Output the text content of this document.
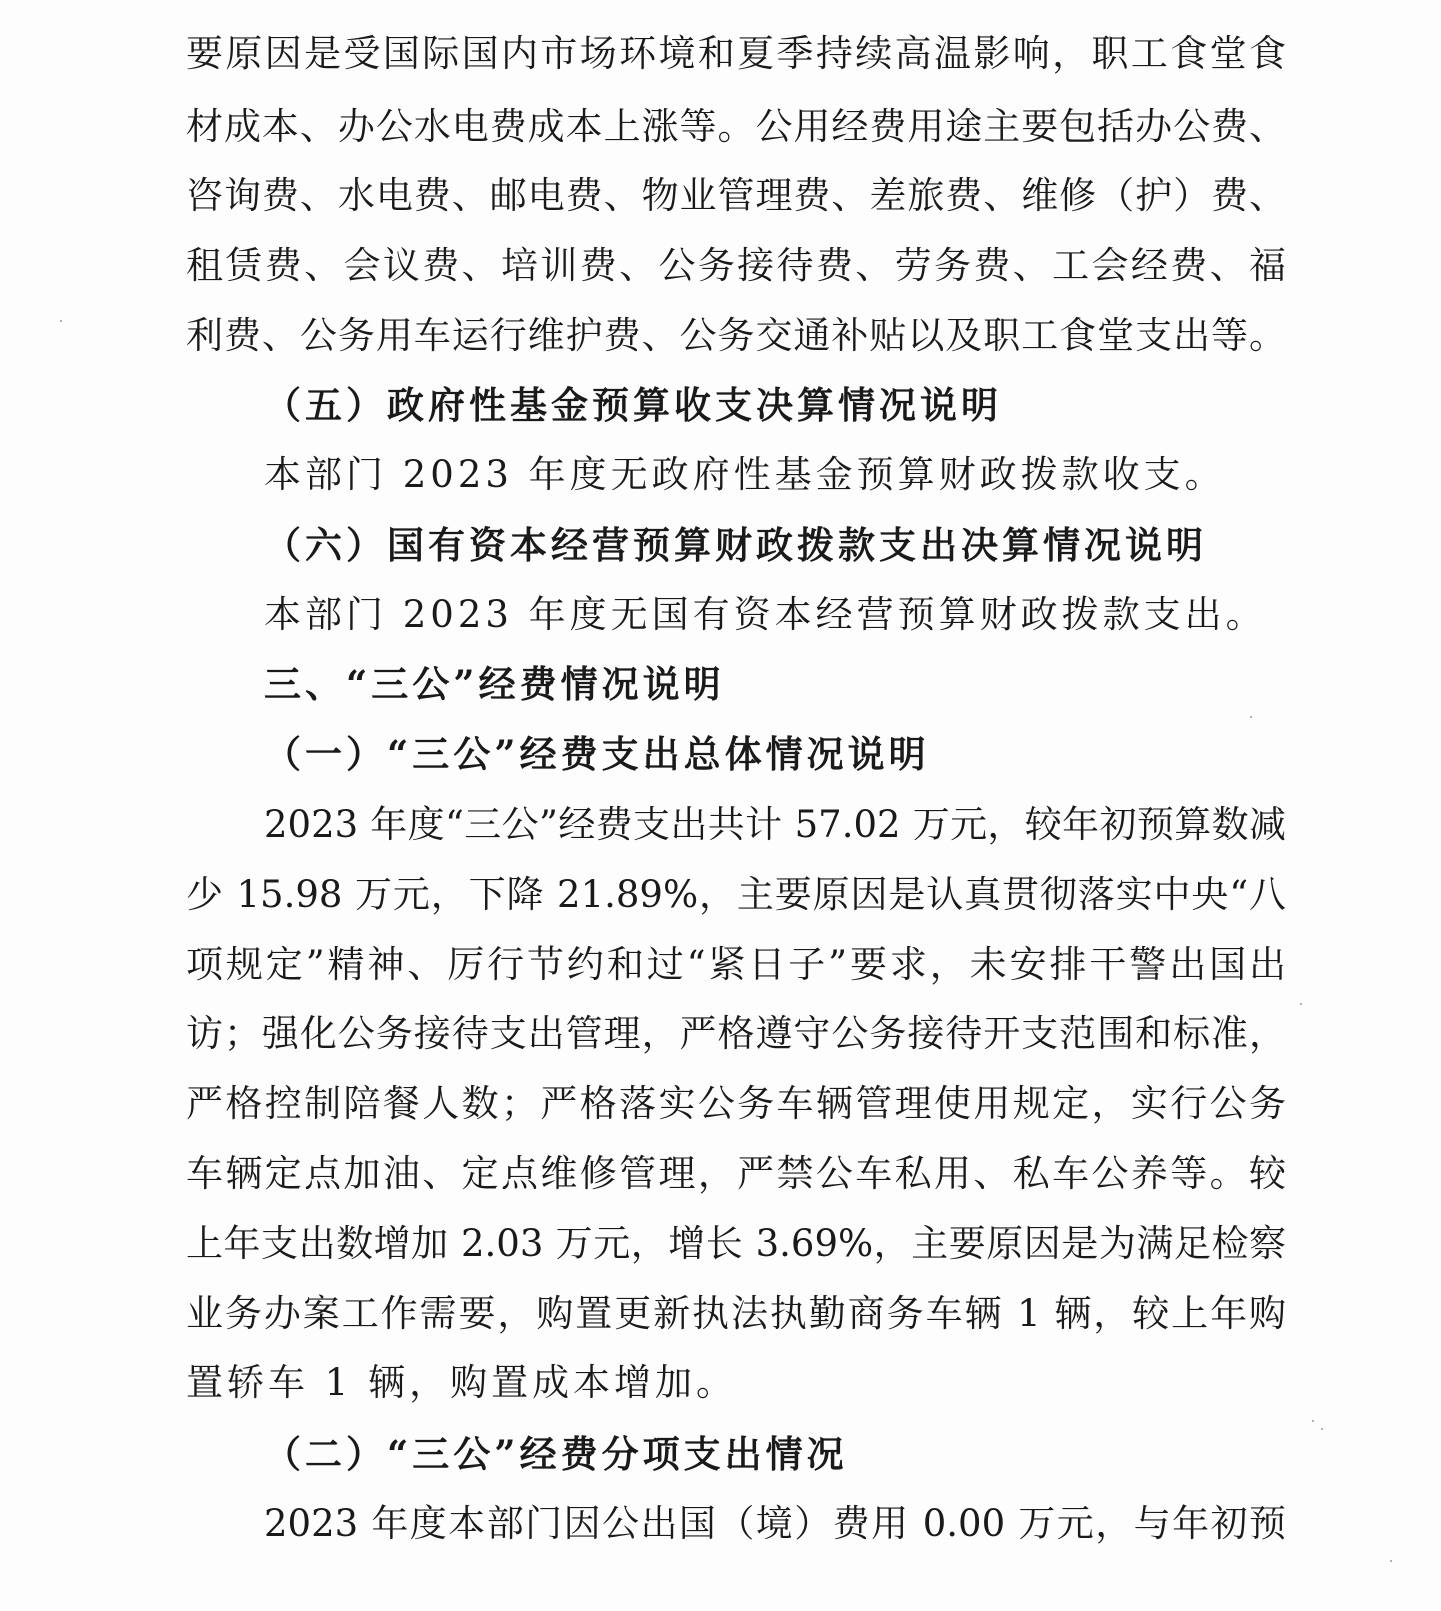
要原因是受国际国内市场环境和夏季持续高温影响，职工食堂食
材成本、办公水电费成本上涨等。公用经费用途主要包括办公费、
咨询费、水电费、邮电费、物业管理费、差旅费、维修（护）费、
租赁费、会议费、培训费、公务接待费、劳务费、工会经费、福
利费、公务用车运行维护费、公务交通补贴以及职工食堂支出等。
（五）政府性基金预算收支决算情况说明
本部门 2023 年度无政府性基金预算财政拨款收支。
（六）国有资本经营预算财政拨款支出决算情况说明
本部门 2023 年度无国有资本经营预算财政拨款支出。
三、“三公”经费情况说明
（一）“三公”经费支出总体情况说明
2023 年度“三公”经费支出共计 57.02 万元，较年初预算数减
少 15.98 万元，下降 21.89%，主要原因是认真贯彻落实中央“八
项规定”精神、厉行节约和过“紧日子”要求，未安排干警出国出
访；强化公务接待支出管理，严格遵守公务接待开支范围和标准，
严格控制陪餐人数；严格落实公务车辆管理使用规定，实行公务
车辆定点加油、定点维修管理，严禁公车私用、私车公养等。较
上年支出数增加 2.03 万元，增长 3.69%，主要原因是为满足检察
业务办案工作需要，购置更新执法执勤商务车辆 1 辆，较上年购
置轿车 1 辆，购置成本增加。
（二）“三公”经费分项支出情况
2023 年度本部门因公出国（境）费用 0.00 万元，与年初预
